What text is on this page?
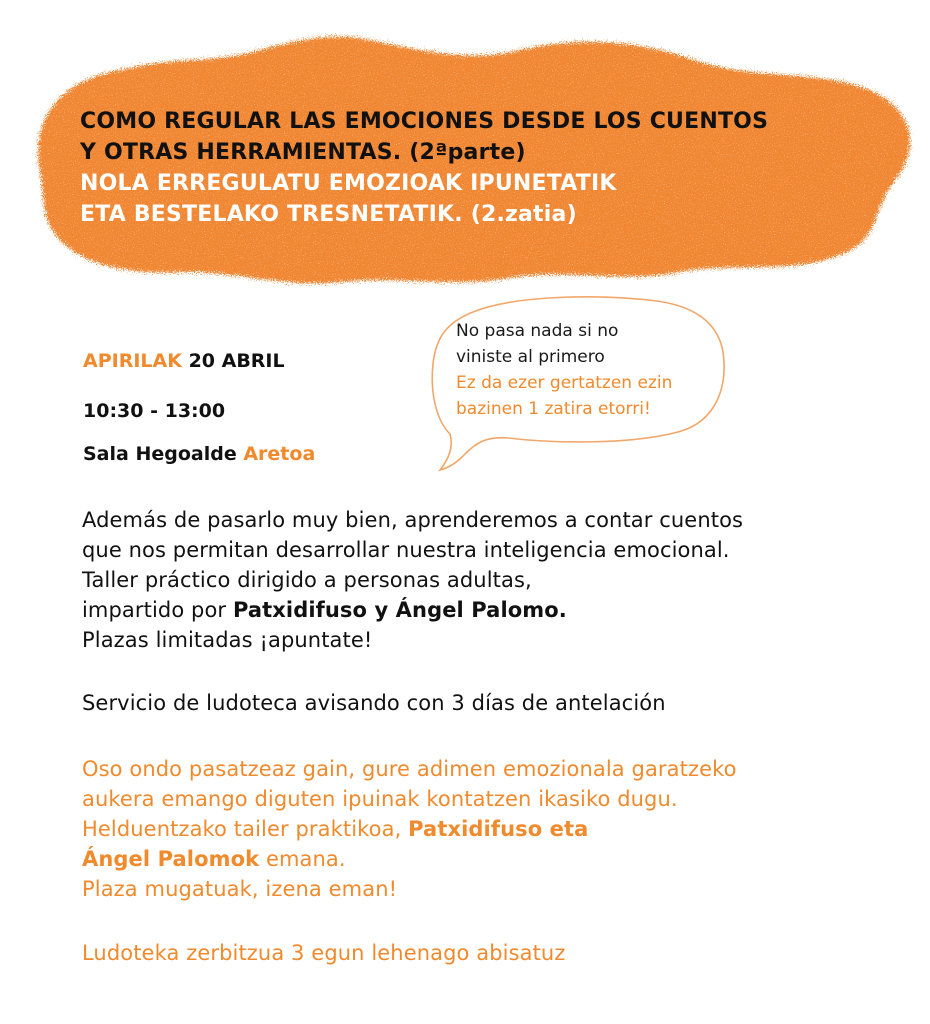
COMO REGULAR LAS EMOCIONES DESDE LOS CUENTOS
Y OTRAS HERRAMIENTAS. (2ªparte)
NOLA ERREGULATU EMOZIOAK IPUNETATIK
ETA BESTELAKO TRESNETATIK. (2.zatia)
No pasa nada si no
viniste al primero
Ez da ezer gertatzen ezin
bazinen 1 zatira etorri!
APIRILAK 20 ABRIL
10:30 - 13:00
Sala Hegoalde Aretoa
Además de pasarlo muy bien, aprenderemos a contar cuentos
que nos permitan desarrollar nuestra inteligencia emocional.
Taller práctico dirigido a personas adultas,
impartido por Patxidifuso y Ángel Palomo.
Plazas limitadas ¡apuntate!
Servicio de ludoteca avisando con 3 días de antelación
Oso ondo pasatzeaz gain, gure adimen emozionala garatzeko
aukera emango diguten ipuinak kontatzen ikasiko dugu.
Helduentzako tailer praktikoa, Patxidifuso eta
Ángel Palomok emana.
Plaza mugatuak, izena eman!
Ludoteka zerbitzua 3 egun lehenago abisatuz
